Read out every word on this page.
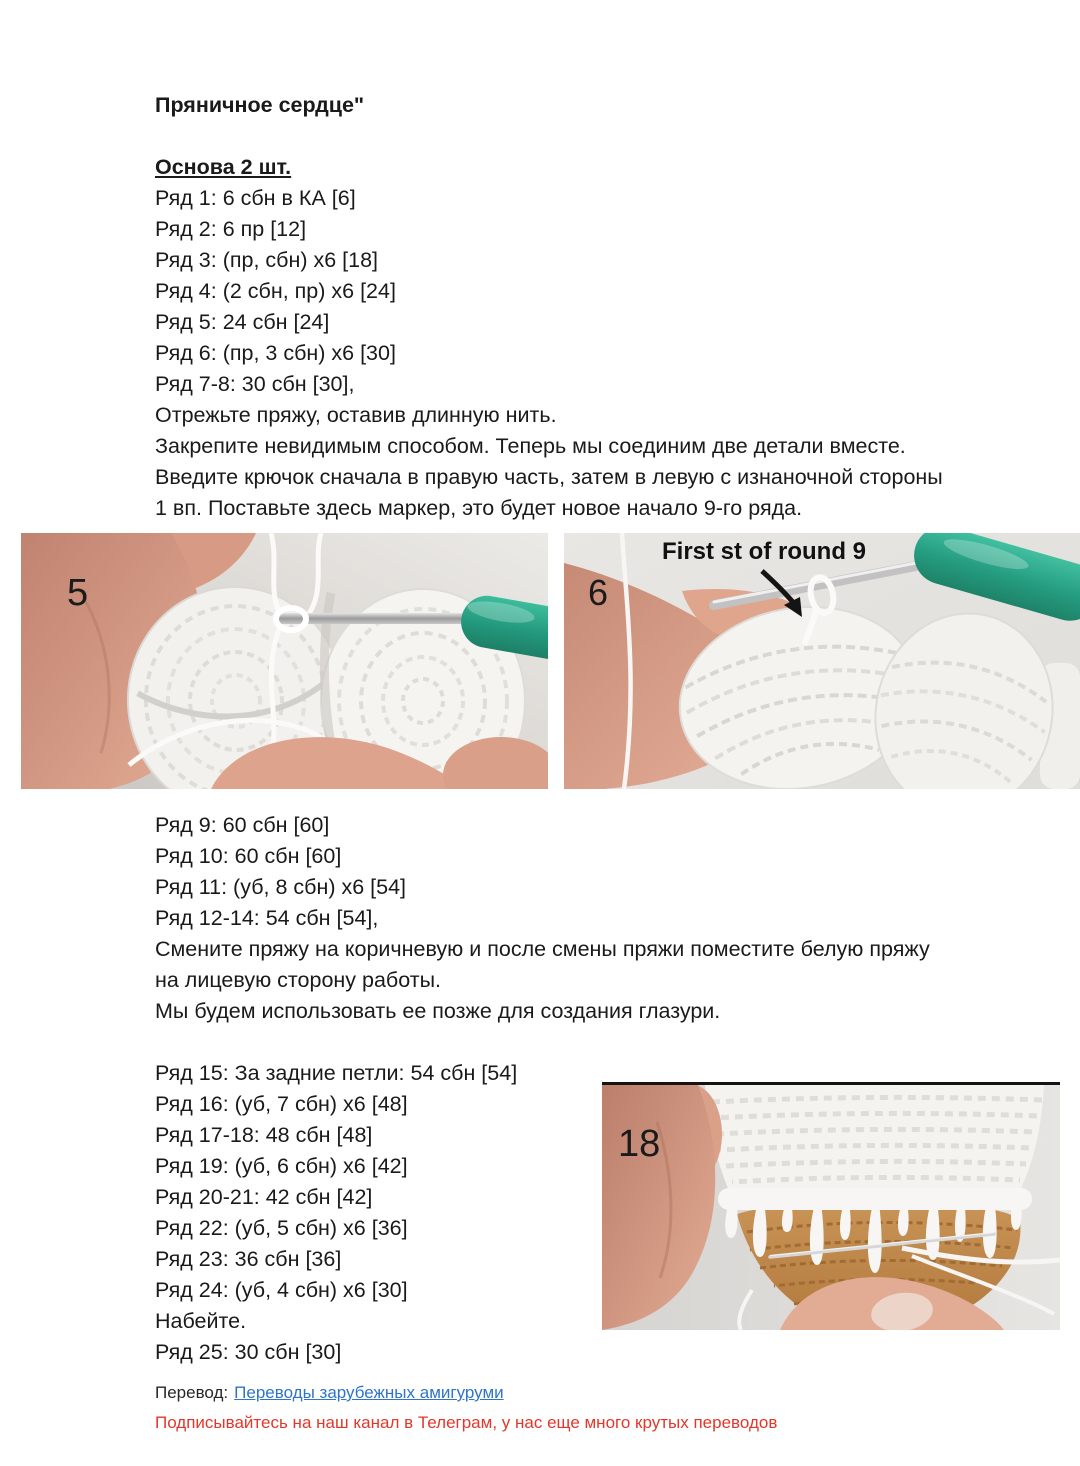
Пряничное сердце"
Основа 2 шт.
Ряд 1: 6 сбн в КА [6]
Ряд 2: 6 пр [12]
Ряд 3: (пр, сбн) х6 [18]
Ряд 4: (2 сбн, пр) х6 [24]
Ряд 5: 24 сбн [24]
Ряд 6: (пр, 3 сбн) х6 [30]
Ряд 7-8: 30 сбн [30],
Отрежьте пряжу, оставив длинную нить.
Закрепите невидимым способом. Теперь мы соединим две детали вместе.
Введите крючок сначала в правую часть, затем в левую с изнаночной стороны
1 вп. Поставьте здесь маркер, это будет новое начало 9-го ряда.
5
First st of round 9
6
Ряд 9: 60 сбн [60]
Ряд 10: 60 сбн [60]
Ряд 11: (уб, 8 сбн) х6 [54]
Ряд 12-14: 54 сбн [54],
Смените пряжу на коричневую и после смены пряжи поместите белую пряжу
на лицевую сторону работы.
Мы будем использовать ее позже для создания глазури.
Ряд 15: За задние петли: 54 сбн [54]
Ряд 16: (уб, 7 сбн) х6 [48]
Ряд 17-18: 48 сбн [48]
Ряд 19: (уб, 6 сбн) х6 [42]
Ряд 20-21: 42 сбн [42]
Ряд 22: (уб, 5 сбн) х6 [36]
Ряд 23: 36 сбн [36]
Ряд 24: (уб, 4 сбн) х6 [30]
Набейте.
Ряд 25: 30 сбн [30]
18
Перевод: Переводы зарубежных амигуруми
Подписывайтесь на наш канал в Телеграм, у нас еще много крутых переводов
